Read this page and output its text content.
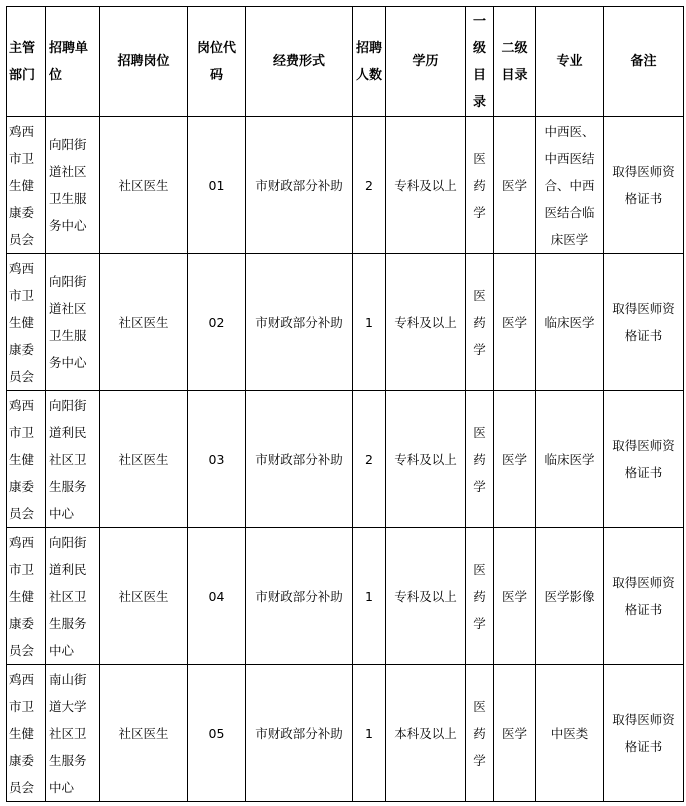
主管部门	招聘单位	招聘岗位	岗位代码	经费形式	招聘人数	学历	一级目录	二级目录	专业	备注
鸡西市卫生健康委员会	向阳街道社区卫生服务中心	社区医生	01	市财政部分补助	2	专科及以上	医药学	医学	中西医、中西医结合、中西医结合临床医学	取得医师资格证书
鸡西市卫生健康委员会	向阳街道社区卫生服务中心	社区医生	02	市财政部分补助	1	专科及以上	医药学	医学	临床医学	取得医师资格证书
鸡西市卫生健康委员会	向阳街道利民社区卫生服务中心	社区医生	03	市财政部分补助	2	专科及以上	医药学	医学	临床医学	取得医师资格证书
鸡西市卫生健康委员会	向阳街道利民社区卫生服务中心	社区医生	04	市财政部分补助	1	专科及以上	医药学	医学	医学影像	取得医师资格证书
鸡西市卫生健康委员会	南山街道大学社区卫生服务中心	社区医生	05	市财政部分补助	1	本科及以上	医药学	医学	中医类	取得医师资格证书
